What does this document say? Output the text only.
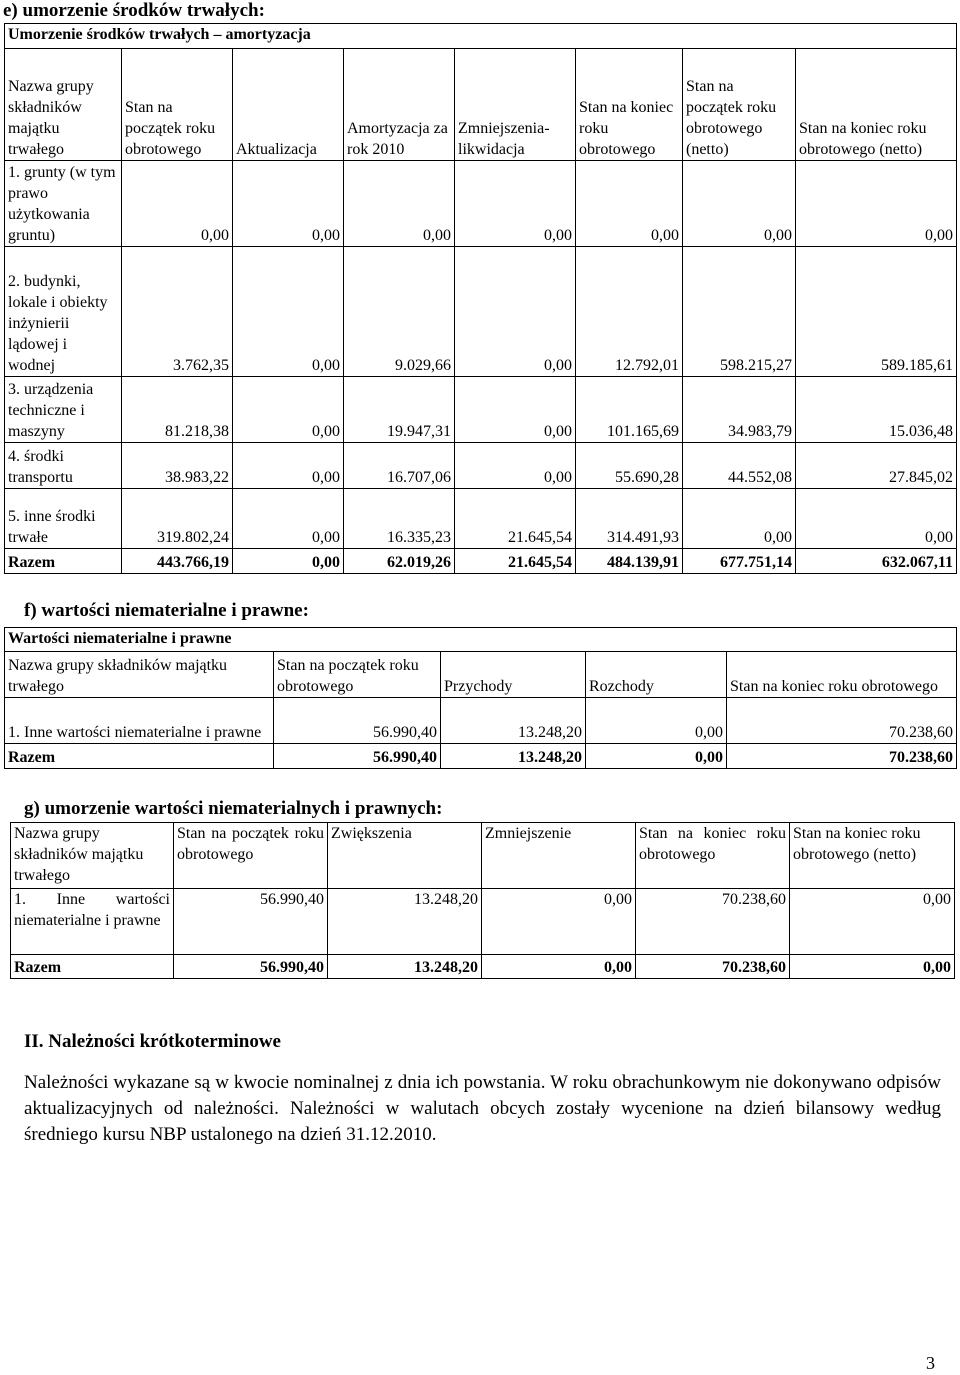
e) umorzenie środków trwałych:
Umorzenie środków trwałych – amortyzacja							
Nazwa grupy składników majątku trwałego	Stan na początek roku obrotowego	Aktualizacja	Amortyzacja za rok 2010	Zmniejszenia-likwidacja	Stan na koniec roku obrotowego	Stan na początek roku obrotowego (netto)	Stan na koniec roku obrotowego (netto)
1. grunty (w tym prawo użytkowania gruntu)	0,00	0,00	0,00	0,00	0,00	0,00	0,00
2. budynki, lokale i obiekty inżynierii lądowej i wodnej	3.762,35	0,00	9.029,66	0,00	12.792,01	598.215,27	589.185,61
3. urządzenia techniczne i maszyny	81.218,38	0,00	19.947,31	0,00	101.165,69	34.983,79	15.036,48
4. środki transportu	38.983,22	0,00	16.707,06	0,00	55.690,28	44.552,08	27.845,02
5. inne środki trwałe	319.802,24	0,00	16.335,23	21.645,54	314.491,93	0,00	0,00
Razem	443.766,19	0,00	62.019,26	21.645,54	484.139,91	677.751,14	632.067,11
f) wartości niematerialne i prawne:
Wartości niematerialne i prawne				
Nazwa grupy składników majątku trwałego	Stan na początek roku obrotowego	Przychody	Rozchody	Stan na koniec roku obrotowego
1. Inne wartości niematerialne i prawne	56.990,40	13.248,20	0,00	70.238,60
Razem	56.990,40	13.248,20	0,00	70.238,60
g) umorzenie wartości niematerialnych i prawnych:
Nazwa grupy składników majątku trwałego	Stan na początek roku obrotowego	Zwiększenia	Zmniejszenie	Stan na koniec roku obrotowego	Stan na koniec roku obrotowego (netto)
1. Inne wartości niematerialne i prawne	56.990,40	13.248,20	0,00	70.238,60	0,00
Razem	56.990,40	13.248,20	0,00	70.238,60	0,00
II. Należności krótkoterminowe

Należności wykazane są w kwocie nominalnej z dnia ich powstania. W roku obrachunkowym nie dokonywano odpisów aktualizacyjnych od należności. Należności w walutach obcych zostały wycenione na dzień bilansowy według średniego kursu NBP ustalonego na dzień 31.12.2010.

3
